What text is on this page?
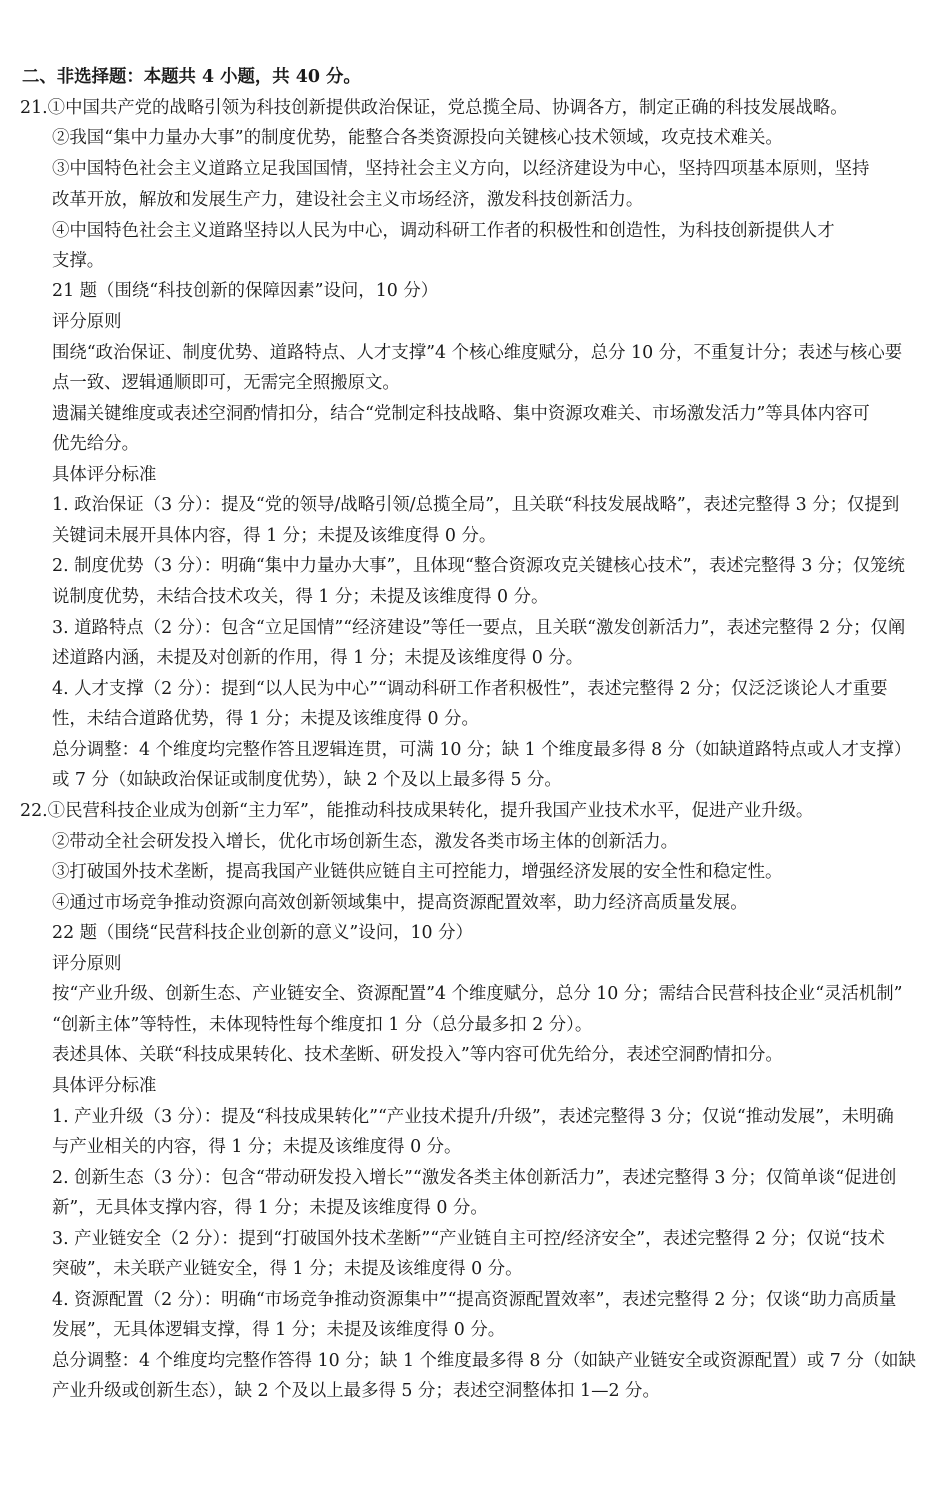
二、非选择题：本题共 4 小题，共 40 分。
21.①中国共产党的战略引领为科技创新提供政治保证，党总揽全局、协调各方，制定正确的科技发展战略。
②我国“集中力量办大事”的制度优势，能整合各类资源投向关键核心技术领域，攻克技术难关。
③中国特色社会主义道路立足我国国情，坚持社会主义方向，以经济建设为中心，坚持四项基本原则，坚持
改革开放，解放和发展生产力，建设社会主义市场经济，激发科技创新活力。
④中国特色社会主义道路坚持以人民为中心，调动科研工作者的积极性和创造性，为科技创新提供人才
支撑。
21 题（围绕“科技创新的保障因素”设问，10 分）
评分原则
围绕“政治保证、制度优势、道路特点、人才支撑”4 个核心维度赋分，总分 10 分，不重复计分；表述与核心要
点一致、逻辑通顺即可，无需完全照搬原文。
遗漏关键维度或表述空洞酌情扣分，结合“党制定科技战略、集中资源攻难关、市场激发活力”等具体内容可
优先给分。
具体评分标准
1. 政治保证（3 分）：提及“党的领导/战略引领/总揽全局”，且关联“科技发展战略”，表述完整得 3 分；仅提到
关键词未展开具体内容，得 1 分；未提及该维度得 0 分。
2. 制度优势（3 分）：明确“集中力量办大事”，且体现“整合资源攻克关键核心技术”，表述完整得 3 分；仅笼统
说制度优势，未结合技术攻关，得 1 分；未提及该维度得 0 分。
3. 道路特点（2 分）：包含“立足国情”“经济建设”等任一要点，且关联“激发创新活力”，表述完整得 2 分；仅阐
述道路内涵，未提及对创新的作用，得 1 分；未提及该维度得 0 分。
4. 人才支撑（2 分）：提到“以人民为中心”“调动科研工作者积极性”，表述完整得 2 分；仅泛泛谈论人才重要
性，未结合道路优势，得 1 分；未提及该维度得 0 分。
总分调整：4 个维度均完整作答且逻辑连贯，可满 10 分；缺 1 个维度最多得 8 分（如缺道路特点或人才支撑）
或 7 分（如缺政治保证或制度优势），缺 2 个及以上最多得 5 分。
22.①民营科技企业成为创新“主力军”，能推动科技成果转化，提升我国产业技术水平，促进产业升级。
②带动全社会研发投入增长，优化市场创新生态，激发各类市场主体的创新活力。
③打破国外技术垄断，提高我国产业链供应链自主可控能力，增强经济发展的安全性和稳定性。
④通过市场竞争推动资源向高效创新领域集中，提高资源配置效率，助力经济高质量发展。
22 题（围绕“民营科技企业创新的意义”设问，10 分）
评分原则
按“产业升级、创新生态、产业链安全、资源配置”4 个维度赋分，总分 10 分；需结合民营科技企业“灵活机制”
“创新主体”等特性，未体现特性每个维度扣 1 分（总分最多扣 2 分）。
表述具体、关联“科技成果转化、技术垄断、研发投入”等内容可优先给分，表述空洞酌情扣分。
具体评分标准
1. 产业升级（3 分）：提及“科技成果转化”“产业技术提升/升级”，表述完整得 3 分；仅说“推动发展”，未明确
与产业相关的内容，得 1 分；未提及该维度得 0 分。
2. 创新生态（3 分）：包含“带动研发投入增长”“激发各类主体创新活力”，表述完整得 3 分；仅简单谈“促进创
新”，无具体支撑内容，得 1 分；未提及该维度得 0 分。
3. 产业链安全（2 分）：提到“打破国外技术垄断”“产业链自主可控/经济安全”，表述完整得 2 分；仅说“技术
突破”，未关联产业链安全，得 1 分；未提及该维度得 0 分。
4. 资源配置（2 分）：明确“市场竞争推动资源集中”“提高资源配置效率”，表述完整得 2 分；仅谈“助力高质量
发展”，无具体逻辑支撑，得 1 分；未提及该维度得 0 分。
总分调整：4 个维度均完整作答得 10 分；缺 1 个维度最多得 8 分（如缺产业链安全或资源配置）或 7 分（如缺
产业升级或创新生态），缺 2 个及以上最多得 5 分；表述空洞整体扣 1—2 分。
